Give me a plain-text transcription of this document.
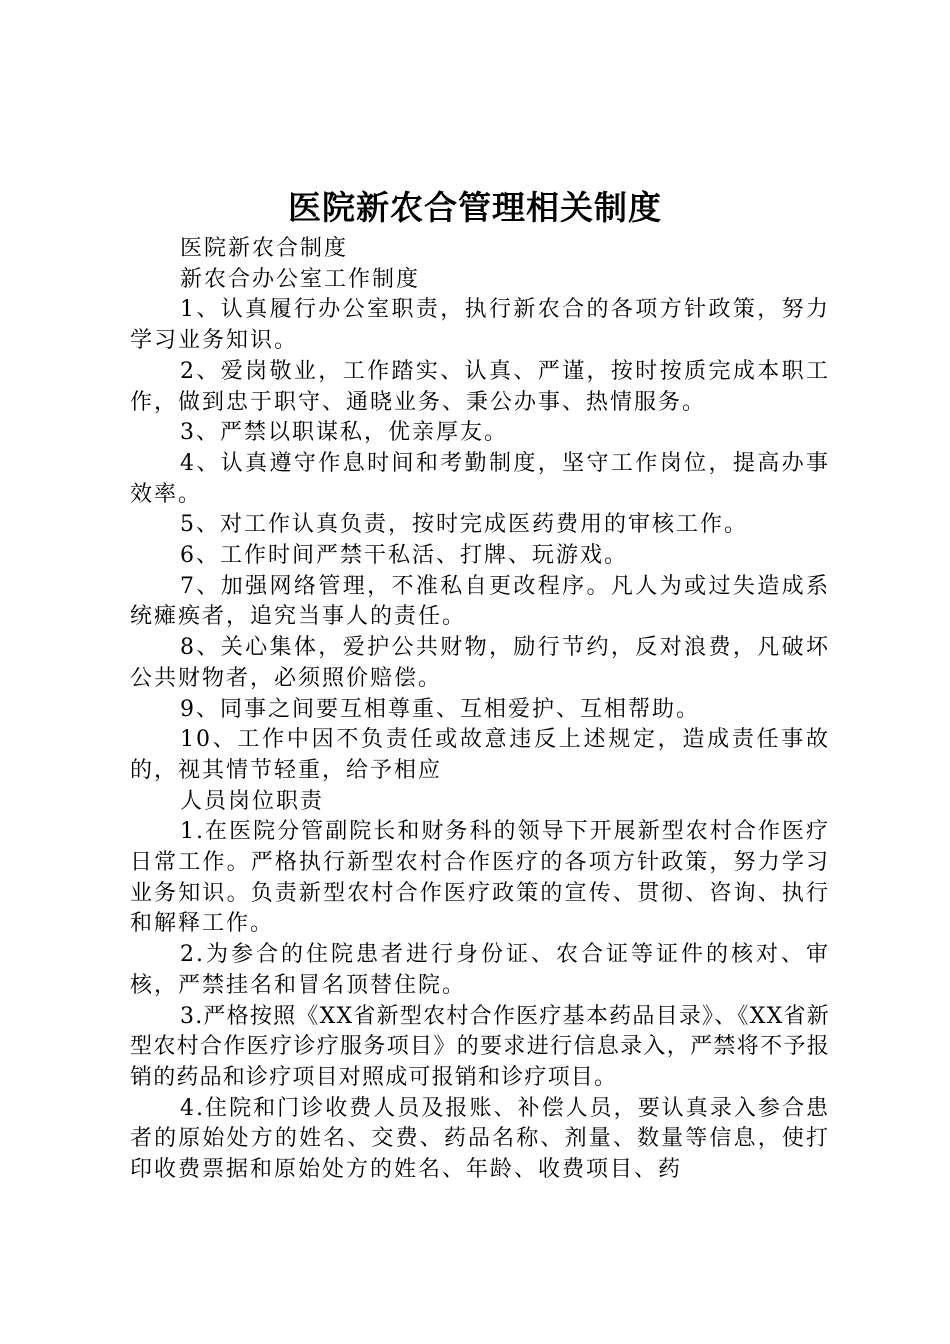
医院新农合管理相关制度

医院新农合制度

新农合办公室工作制度

1、认真履行办公室职责，执行新农合的各项方针政策，努力学习业务知识。

2、爱岗敬业，工作踏实、认真、严谨，按时按质完成本职工作，做到忠于职守、通晓业务、秉公办事、热情服务。

3、严禁以职谋私，优亲厚友。

4、认真遵守作息时间和考勤制度，坚守工作岗位，提高办事效率。

5、对工作认真负责，按时完成医药费用的审核工作。

6、工作时间严禁干私活、打牌、玩游戏。

7、加强网络管理，不准私自更改程序。凡人为或过失造成系统瘫痪者，追究当事人的责任。

8、关心集体，爱护公共财物，励行节约，反对浪费，凡破坏公共财物者，必须照价赔偿。

9、同事之间要互相尊重、互相爱护、互相帮助。

10、工作中因不负责任或故意违反上述规定，造成责任事故的，视其情节轻重，给予相应

人员岗位职责

1.在医院分管副院长和财务科的领导下开展新型农村合作医疗日常工作。严格执行新型农村合作医疗的各项方针政策，努力学习业务知识。负责新型农村合作医疗政策的宣传、贯彻、咨询、执行和解释工作。

2.为参合的住院患者进行身份证、农合证等证件的核对、审核，严禁挂名和冒名顶替住院。

3.严格按照《XX省新型农村合作医疗基本药品目录》、《XX省新型农村合作医疗诊疗服务项目》的要求进行信息录入，严禁将不予报销的药品和诊疗项目对照成可报销和诊疗项目。

4.住院和门诊收费人员及报账、补偿人员，要认真录入参合患者的原始处方的姓名、交费、药品名称、剂量、数量等信息，使打印收费票据和原始处方的姓名、年龄、收费项目、药
